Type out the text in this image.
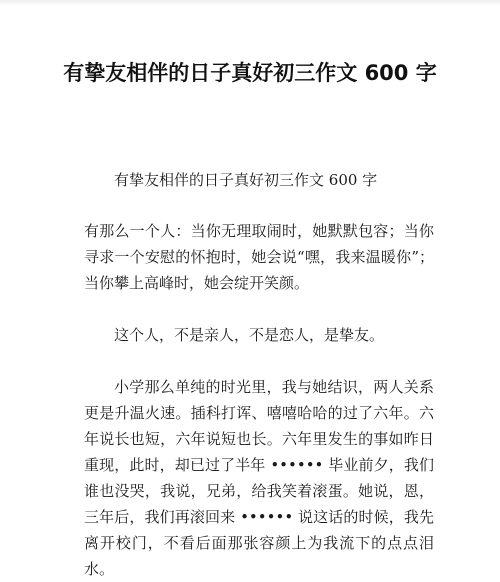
有挚友相伴的日子真好初三作文 600 字
有挚友相伴的日子真好初三作文 600 字

有那么一个人：当你无理取闹时，她默默包容；当你寻求一个安慰的怀抱时，她会说“嘿，我来温暖你”；当你攀上高峰时，她会绽开笑颜。

这个人，不是亲人，不是恋人，是挚友。

小学那么单纯的时光里，我与她结识，两人关系更是升温火速。插科打诨、嘻嘻哈哈的过了六年。六年说长也短，六年说短也长。六年里发生的事如昨日重现，此时，却已过了半年 •••••• 毕业前夕，我们谁也没哭，我说，兄弟，给我笑着滚蛋。她说，恩，三年后，我们再滚回来 •••••• 说这话的时候，我先离开校门，不看后面那张容颜上为我流下的点点泪水。
